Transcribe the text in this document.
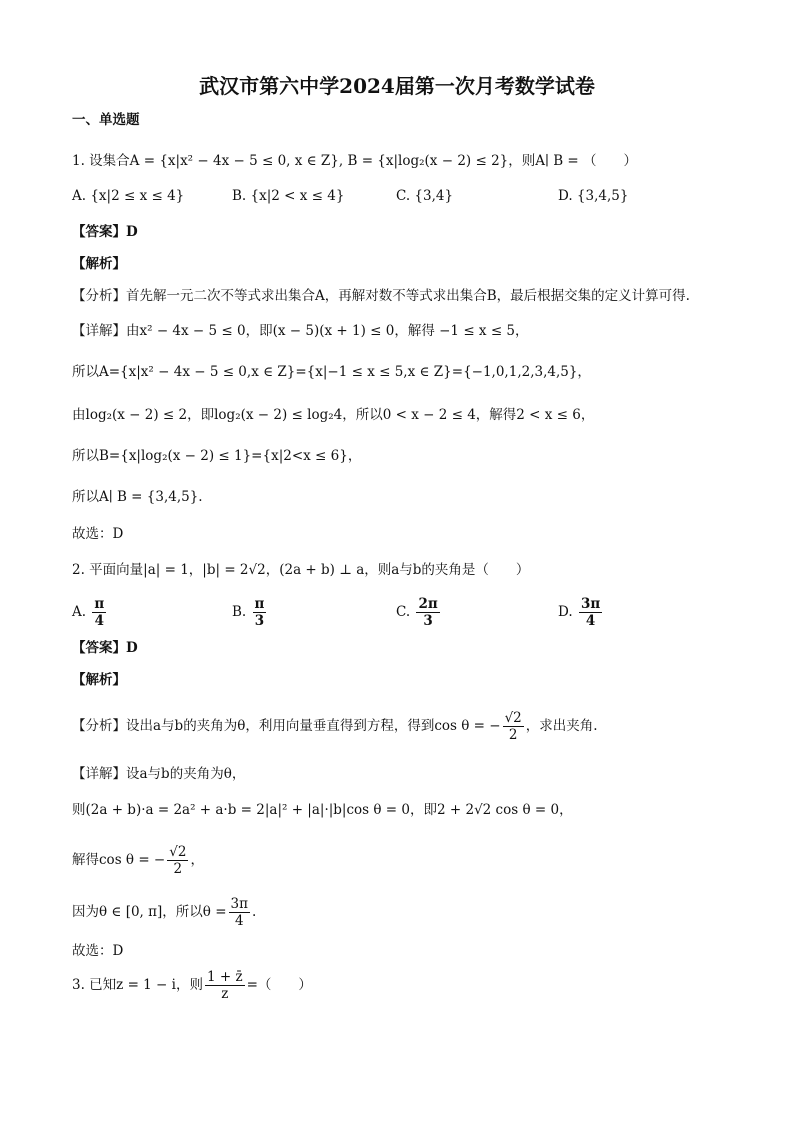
武汉市第六中学2024届第一次月考数学试卷
一、单选题
1. 设集合A = {x|x² − 4x − 5 ≤ 0, x ∈ Z}, B = {x|log₂(x − 2) ≤ 2}，则A∣ B = （　　）
A. {x|2 ≤ x ≤ 4}	B. {x|2 < x ≤ 4}	C. {3,4}	D. {3,4,5}
【答案】D
【解析】
【分析】首先解一元二次不等式求出集合A，再解对数不等式求出集合B，最后根据交集的定义计算可得.
【详解】由x² − 4x − 5 ≤ 0，即(x − 5)(x + 1) ≤ 0，解得 −1 ≤ x ≤ 5，
所以A={x|x² − 4x − 5 ≤ 0,x ∈ Z}={x|−1 ≤ x ≤ 5,x ∈ Z}={−1,0,1,2,3,4,5}，
由log₂(x − 2) ≤ 2，即log₂(x − 2) ≤ log₂4，所以0 < x − 2 ≤ 4，解得2 < x ≤ 6，
所以B={x|log₂(x − 2) ≤ 1}={x|2<x ≤ 6}，
所以A∣ B = {3,4,5}.
故选：D
2. 平面向量|a| = 1，|b| = 2√2，(2a + b) ⊥ a，则a与b的夹角是（　　）
A. $\frac{\pi}{4}$	B. $\frac{\pi}{3}$	C. $\frac{2\pi}{3}$	D. $\frac{3\pi}{4}$
【答案】D
【解析】
【分析】设出a与b的夹角为θ，利用向量垂直得到方程，得到cos θ = − $\frac{√2}{2}$ ，求出夹角.
【详解】设a与b的夹角为θ，
则(2a + b)·a = 2a² + a·b = 2|a|² + |a|·|b|cos θ = 0，即2 + 2√2 cos θ = 0，
解得cos θ = − $\frac{√2}{2}$ ，
因为θ ∈ [0, π]，所以$\theta = \frac{3\pi}{4}$ .
故选：D
3. 已知z = 1 − i，则 $\frac{1 + z̄}{z}$ =（　　）
